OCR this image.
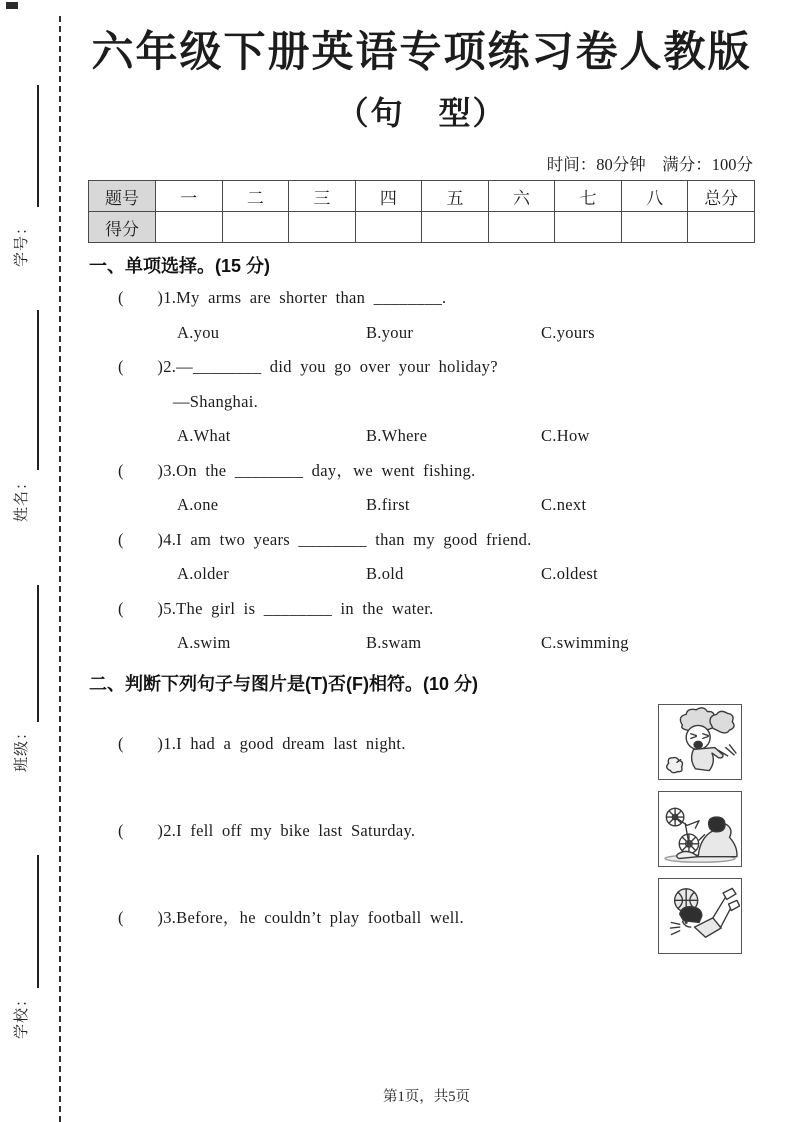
学号：
姓名：
班级：
学校：
六年级下册英语专项练习卷人教版
（句　型）
时间：80分钟　满分：100分
题号	一	二	三	四	五	六	七	八	总分
得分									
一、单项选择。(15 分)
(　　)1.My arms are shorter than ________.
A.you	B.your	C.yours
(　　)2.—________ did you go over your holiday?
—Shanghai.
A.What	B.Where	C.How
(　　)3.On the ________ day，we went fishing.
A.one	B.first	C.next
(　　)4.I am two years ________ than my good friend.
A.older	B.old	C.oldest
(　　)5.The girl is ________ in the water.
A.swim	B.swam	C.swimming
二、判断下列句子与图片是(T)否(F)相符。(10 分)
(　　)1.I had a good dream last night.
(　　)2.I fell off my bike last Saturday.
(　　)3.Before，he couldn’t play football well.
第1页，共5页
